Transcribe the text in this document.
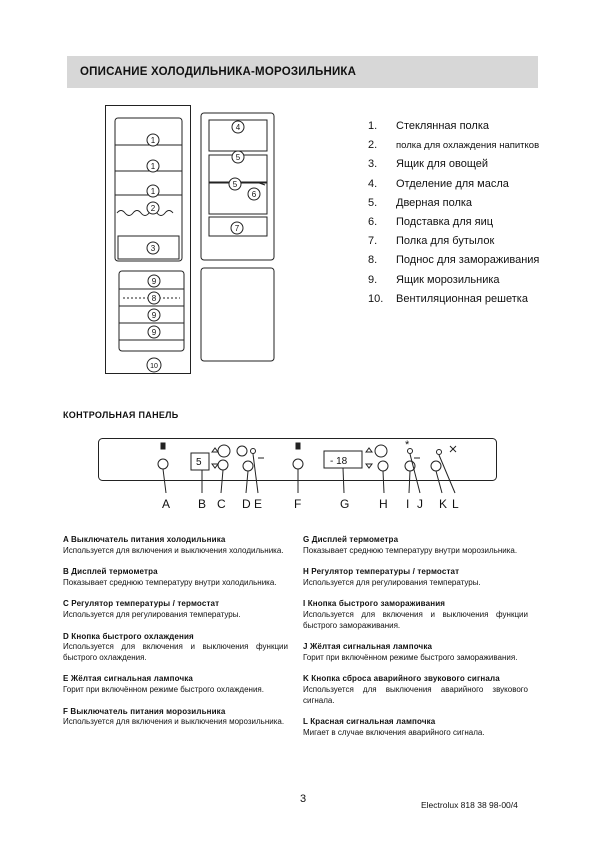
ОПИСАНИЕ ХОЛОДИЛЬНИКА-МОРОЗИЛЬНИКА
1
1
1
2
3
4
5
5
6
7
9
8
9
9
10
1.	Стеклянная полка
2.	полка для охлаждения напитков
3.	Ящик для овощей
4.	Отделение для масла
5.	Дверная полка
6.	Подставка для яиц
7.	Полка для бутылок
8.	Поднос для замораживания
9.	Ящик морозильника
10.	Вентиляционная решетка
КОНТРОЛЬНАЯ ПАНЕЛЬ
5	- 18
*
A B C D E	F	G H I J K L
A Выключатель питания холодильника
Используется для включения и выключения холодильника.
B Дисплей термометра
Показывает среднюю температуру внутри холодильника.
C Регулятор температуры / термостат
Используется для регулирования температуры.
D Кнопка быстрого охлаждения
Используется для включения и выключения функции быстрого охлаждения.
E Жёлтая сигнальная лампочка
Горит при включённом режиме быстрого охлаждения.
F Выключатель питания морозильника
Используется для включения и выключения морозильника.
G Дисплей термометра
Показывает среднюю температуру внутри морозильника.
H Регулятор температуры / термостат
Используется для регулирования температуры.
I Кнопка быстрого замораживания
Используется для включения и выключения функции быстрого замораживания.
J Жёлтая сигнальная лампочка
Горит при включённом режиме быстрого замораживания.
K Кнопка сброса аварийного звукового сигнала
Используется для выключения аварийного звукового сигнала.
L Красная сигнальная лампочка
Мигает в случае включения аварийного сигнала.
3	Electrolux 818 38 98-00/4
